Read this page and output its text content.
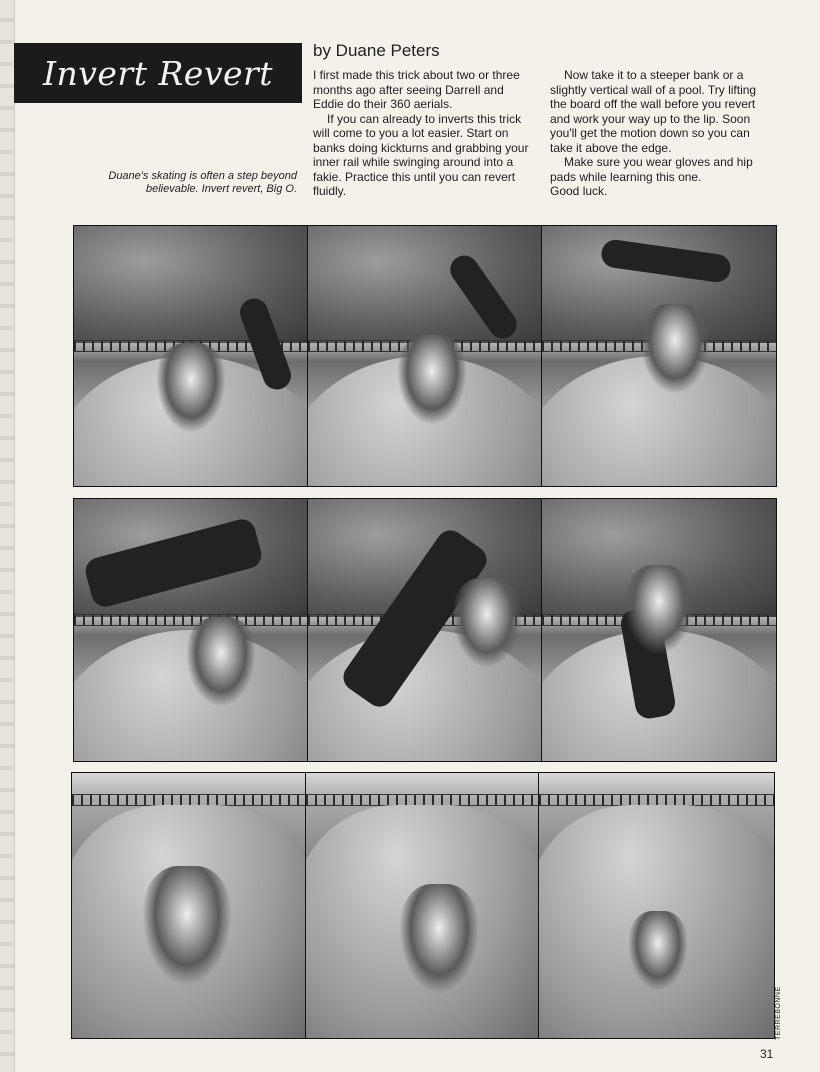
Invert Revert
Duane's skating is often a step beyond believable. Invert revert, Big O.
by Duane Peters

I first made this trick about two or three months ago after seeing Darrell and Eddie do their 360 aerials.

If you can already to inverts this trick will come to you a lot easier. Start on banks doing kickturns and grabbing your inner rail while swinging around into a fakie. Practice this until you can revert fluidly.

Now take it to a steeper bank or a slightly vertical wall of a pool. Try lifting the board off the wall before you revert and work your way up to the lip. Soon you'll get the motion down so you can take it above the edge.

Make sure you wear gloves and hip pads while learning this one.

Good luck.

TERREBONNE
31
